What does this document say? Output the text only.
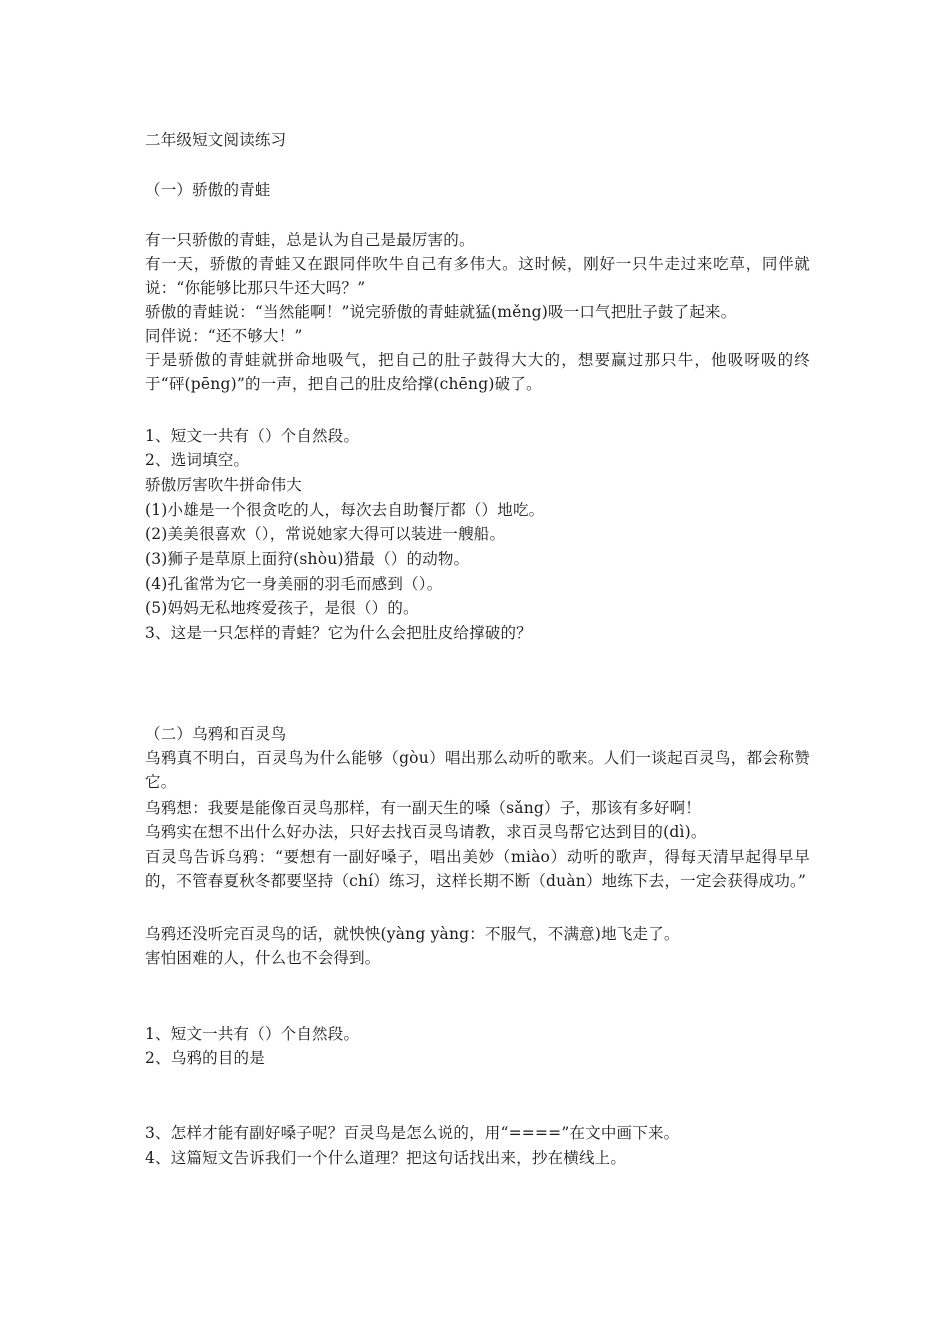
二年级短文阅读练习
（一）骄傲的青蛙
有一只骄傲的青蛙，总是认为自己是最厉害的。
有一天，骄傲的青蛙又在跟同伴吹牛自己有多伟大。这时候，刚好一只牛走过来吃草，同伴就说：“你能够比那只牛还大吗？”
骄傲的青蛙说：“当然能啊！”说完骄傲的青蛙就猛(měng)吸一口气把肚子鼓了起来。
同伴说：“还不够大！”
于是骄傲的青蛙就拼命地吸气，把自己的肚子鼓得大大的，想要赢过那只牛，他吸呀吸的终于“砰(pēng)”的一声，把自己的肚皮给撑(chēng)破了。
1、短文一共有（）个自然段。
2、选词填空。
骄傲厉害吹牛拼命伟大
(1)小雄是一个很贪吃的人，每次去自助餐厅都（）地吃。
(2)美美很喜欢（），常说她家大得可以装进一艘船。
(3)狮子是草原上面狩(shòu)猎最（）的动物。
(4)孔雀常为它一身美丽的羽毛而感到（）。
(5)妈妈无私地疼爱孩子，是很（）的。
3、这是一只怎样的青蛙？它为什么会把肚皮给撑破的？
（二）乌鸦和百灵鸟
乌鸦真不明白，百灵鸟为什么能够（gòu）唱出那么动听的歌来。人们一谈起百灵鸟，都会称赞它。
乌鸦想：我要是能像百灵鸟那样，有一副天生的嗓（sǎng）子，那该有多好啊！
乌鸦实在想不出什么好办法，只好去找百灵鸟请教，求百灵鸟帮它达到目的(dì)。
百灵鸟告诉乌鸦：“要想有一副好嗓子，唱出美妙（miào）动听的歌声，得每天清早起得早早的，不管春夏秋冬都要坚持（chí）练习，这样长期不断（duàn）地练下去，一定会获得成功。”
乌鸦还没听完百灵鸟的话，就怏怏(yàng yàng：不服气，不满意)地飞走了。
害怕困难的人，什么也不会得到。
1、短文一共有（）个自然段。
2、乌鸦的目的是
3、怎样才能有副好嗓子呢？百灵鸟是怎么说的，用“====”在文中画下来。
4、这篇短文告诉我们一个什么道理？把这句话找出来，抄在横线上。
